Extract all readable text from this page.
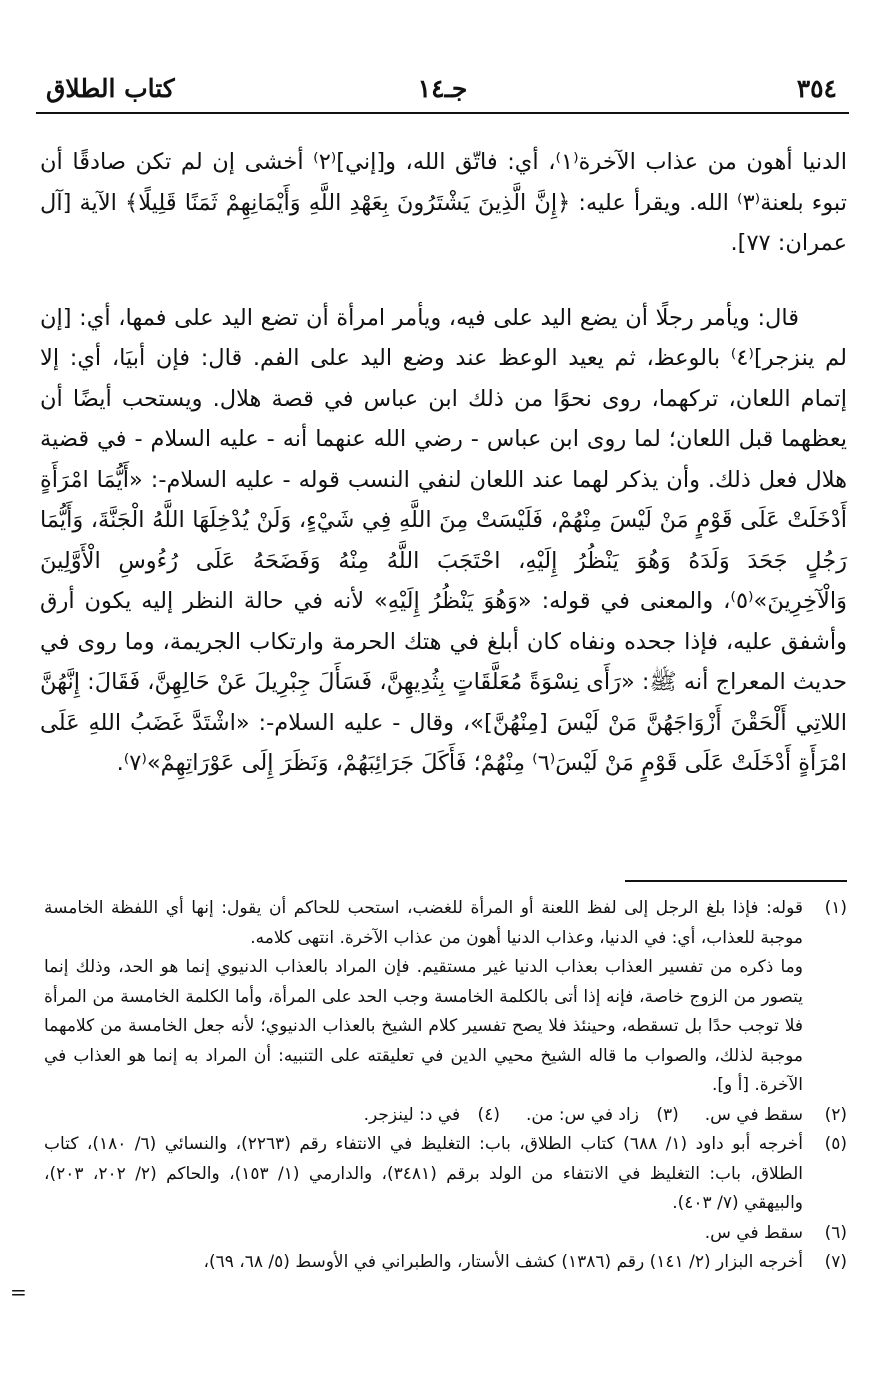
٣٥٤
جـ١٤
كتاب الطلاق

الدنيا أهون من عذاب الآخرة⁽١⁾، أي: فاتّق الله، و[إني]⁽٢⁾ أخشى إن لم تكن صادقًا أن تبوء بلعنة⁽٣⁾ الله. ويقرأ عليه: ﴿إِنَّ الَّذِينَ يَشْتَرُونَ بِعَهْدِ اللَّهِ وَأَيْمَانِهِمْ ثَمَنًا قَلِيلًا﴾ الآية [آل عمران: ٧٧].

قال: ويأمر رجلًا أن يضع اليد على فيه، ويأمر امرأة أن تضع اليد على فمها، أي: [إن لم ينزجر]⁽٤⁾ بالوعظ، ثم يعيد الوعظ عند وضع اليد على الفم. قال: فإن أبيَا، أي: إلا إتمام اللعان، تركهما، روى نحوًا من ذلك ابن عباس في قصة هلال. ويستحب أيضًا أن يعظهما قبل اللعان؛ لما روى ابن عباس - رضي الله عنهما أنه - عليه السلام - في قضية هلال فعل ذلك. وأن يذكر لهما عند اللعان لنفي النسب قوله - عليه السلام-: «أَيُّمَا امْرَأَةٍ أَدْخَلَتْ عَلَى قَوْمٍ مَنْ لَيْسَ مِنْهُمْ، فَلَيْسَتْ مِنَ اللَّهِ فِي شَيْءٍ، وَلَنْ يُدْخِلَهَا اللَّهُ الْجَنَّةَ، وَأَيُّمَا رَجُلٍ جَحَدَ وَلَدَهُ وَهُوَ يَنْظُرُ إِلَيْهِ، احْتَجَبَ اللَّهُ مِنْهُ وَفَضَحَهُ عَلَى رُءُوسِ الْأَوَّلِينَ وَالْآخِرِينَ»⁽٥⁾، والمعنى في قوله: «وَهُوَ يَنْظُرُ إِلَيْهِ» لأنه في حالة النظر إليه يكون أرق وأشفق عليه، فإذا جحده ونفاه كان أبلغ في هتك الحرمة وارتكاب الجريمة، وما روى في حديث المعراج أنه ﷺ: «رَأَى نِسْوَةً مُعَلَّقَاتٍ بِثُدِيهِنَّ، فَسَأَلَ جِبْرِيلَ عَنْ حَالِهِنَّ، فَقَالَ: إِنَّهُنَّ اللاتِي أَلْحَقْنَ أَزْوَاجَهُنَّ مَنْ لَيْسَ [مِنْهُنَّ]»، وقال - عليه السلام-: «اشْتَدَّ غَضَبُ اللهِ عَلَى امْرَأَةٍ أَدْخَلَتْ عَلَى قَوْمٍ مَنْ لَيْسَ⁽٦⁾ مِنْهُمْ؛ فَأَكَلَ جَرَائِبَهُمْ، وَنَظَرَ إِلَى عَوْرَاتِهِمْ»⁽٧⁾.

(١)
قوله: فإذا بلغ الرجل إلى لفظ اللعنة أو المرأة للغضب، استحب للحاكم أن يقول: إنها أي اللفظة الخامسة موجبة للعذاب، أي: في الدنيا، وعذاب الدنيا أهون من عذاب الآخرة. انتهى كلامه.
وما ذكره من تفسير العذاب بعذاب الدنيا غير مستقيم. فإن المراد بالعذاب الدنيوي إنما هو الحد، وذلك إنما يتصور من الزوج خاصة، فإنه إذا أتى بالكلمة الخامسة وجب الحد على المرأة، وأما الكلمة الخامسة من المرأة فلا توجب حدًا بل تسقطه، وحينئذ فلا يصح تفسير كلام الشيخ بالعذاب الدنيوي؛ لأنه جعل الخامسة من كلامهما موجبة لذلك، والصواب ما قاله الشيخ محيي الدين في تعليقته على التنبيه: أن المراد به إنما هو العذاب في الآخرة. [أ و].
(٢)
سقط في س.
(٣) زاد في س: من.
(٤) في د: لينزجر.
(٥)
أخرجه أبو داود (١/ ٦٨٨) كتاب الطلاق، باب: التغليظ في الانتفاء رقم (٢٢٦٣)، والنسائي (٦/ ١٨٠)، كتاب الطلاق، باب: التغليظ في الانتفاء من الولد برقم (٣٤٨١)، والدارمي (١/ ١٥٣)، والحاكم (٢/ ٢٠٢، ٢٠٣)، والبيهقي (٧/ ٤٠٣).
(٦)
سقط في س.
(٧)
أخرجه البزار (٢/ ١٤١) رقم (١٣٨٦) كشف الأستار، والطبراني في الأوسط (٥/ ٦٨، ٦٩)،
=
